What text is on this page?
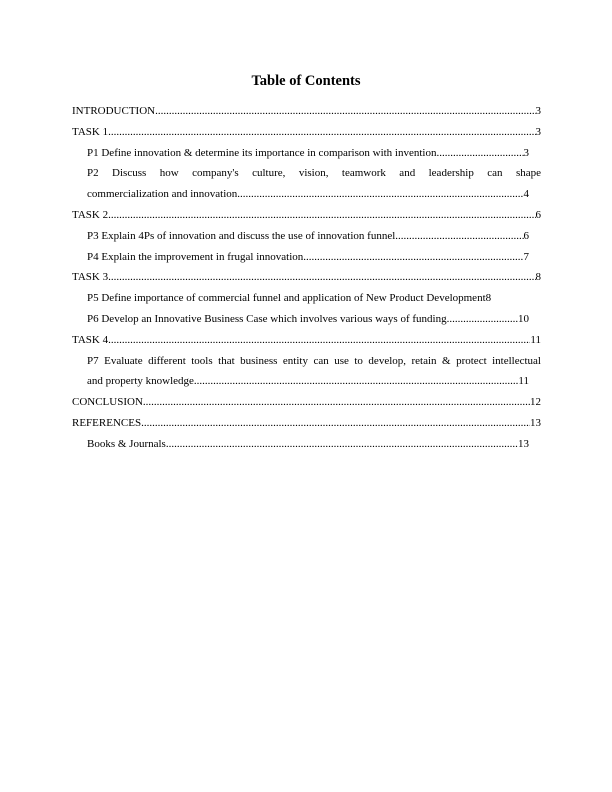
Table of Contents
INTRODUCTION .....	3
TASK 1 .....	3
P1 Define innovation & determine its importance in comparison with invention .....	3
P2 Discuss how company's culture, vision, teamwork and leadership can shape
commercialization and innovation .....	4
TASK 2 .....	6
P3 Explain 4Ps of innovation and discuss the use of innovation funnel .....	6
P4 Explain the improvement in frugal innovation .....	7
TASK 3 .....	8
P5 Define importance of commercial funnel and application of New Product Development 8
P6 Develop an Innovative Business Case which involves various ways of funding .....	10
TASK 4 .....	11
P7 Evaluate different tools that business entity can use to develop, retain & protect intellectual
and property knowledge .....	11
CONCLUSION .....	12
REFERENCES .....	13
Books & Journals .....	13
